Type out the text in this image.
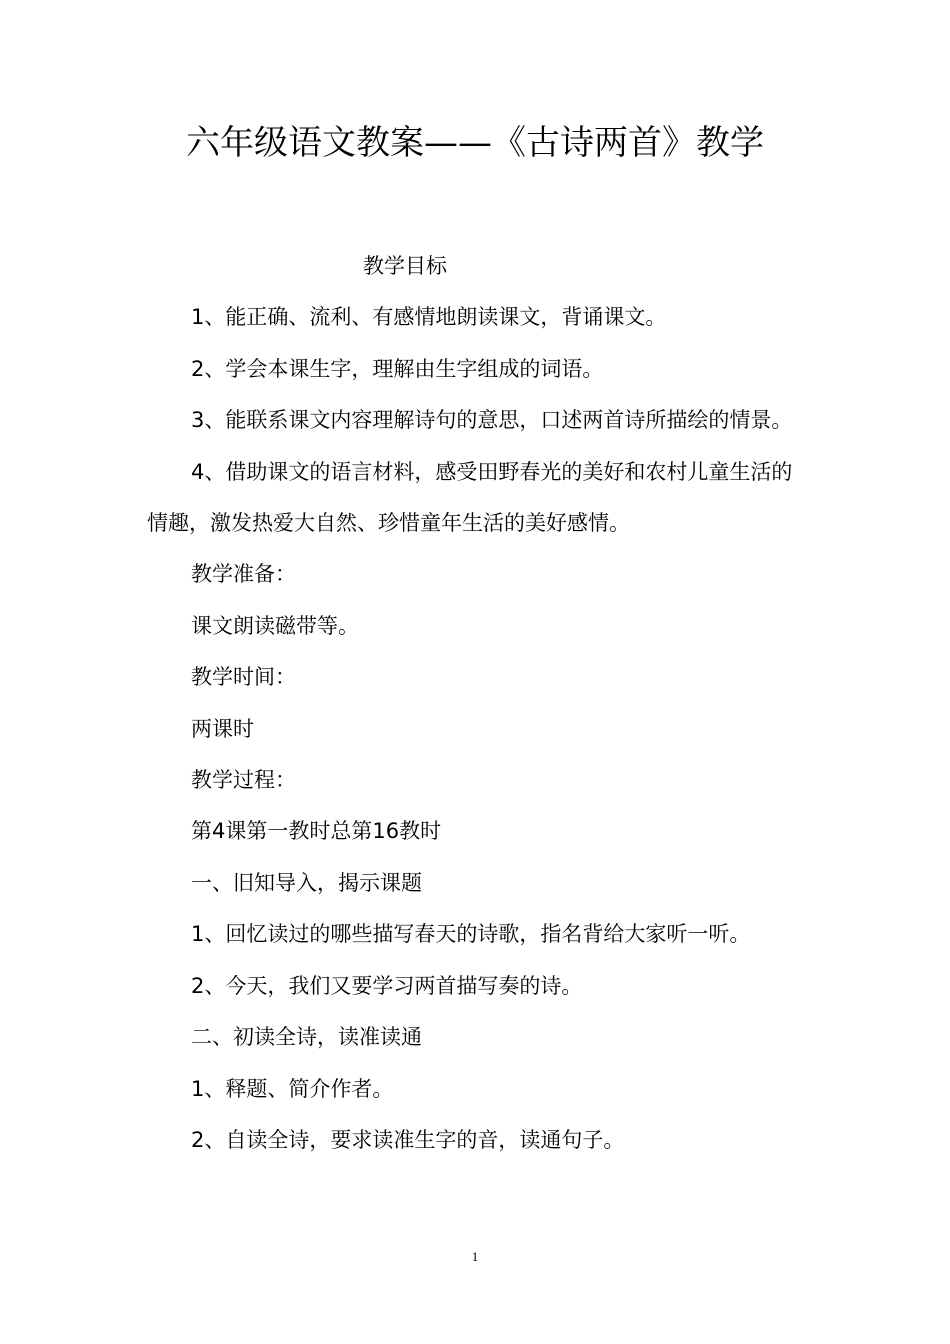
六年级语文教案——《古诗两首》教学

教学目标

1、能正确、流利、有感情地朗读课文，背诵课文。

2、学会本课生字，理解由生字组成的词语。

3、能联系课文内容理解诗句的意思，口述两首诗所描绘的情景。

4、借助课文的语言材料，感受田野春光的美好和农村儿童生活的情趣，激发热爱大自然、珍惜童年生活的美好感情。

教学准备：

课文朗读磁带等。

教学时间：

两课时

教学过程：

第4课第一教时总第16教时

一、旧知导入，揭示课题

1、回忆读过的哪些描写春天的诗歌，指名背给大家听一听。

2、今天，我们又要学习两首描写奏的诗。

二、初读全诗，读准读通

1、释题、简介作者。

2、自读全诗，要求读准生字的音，读通句子。

1
